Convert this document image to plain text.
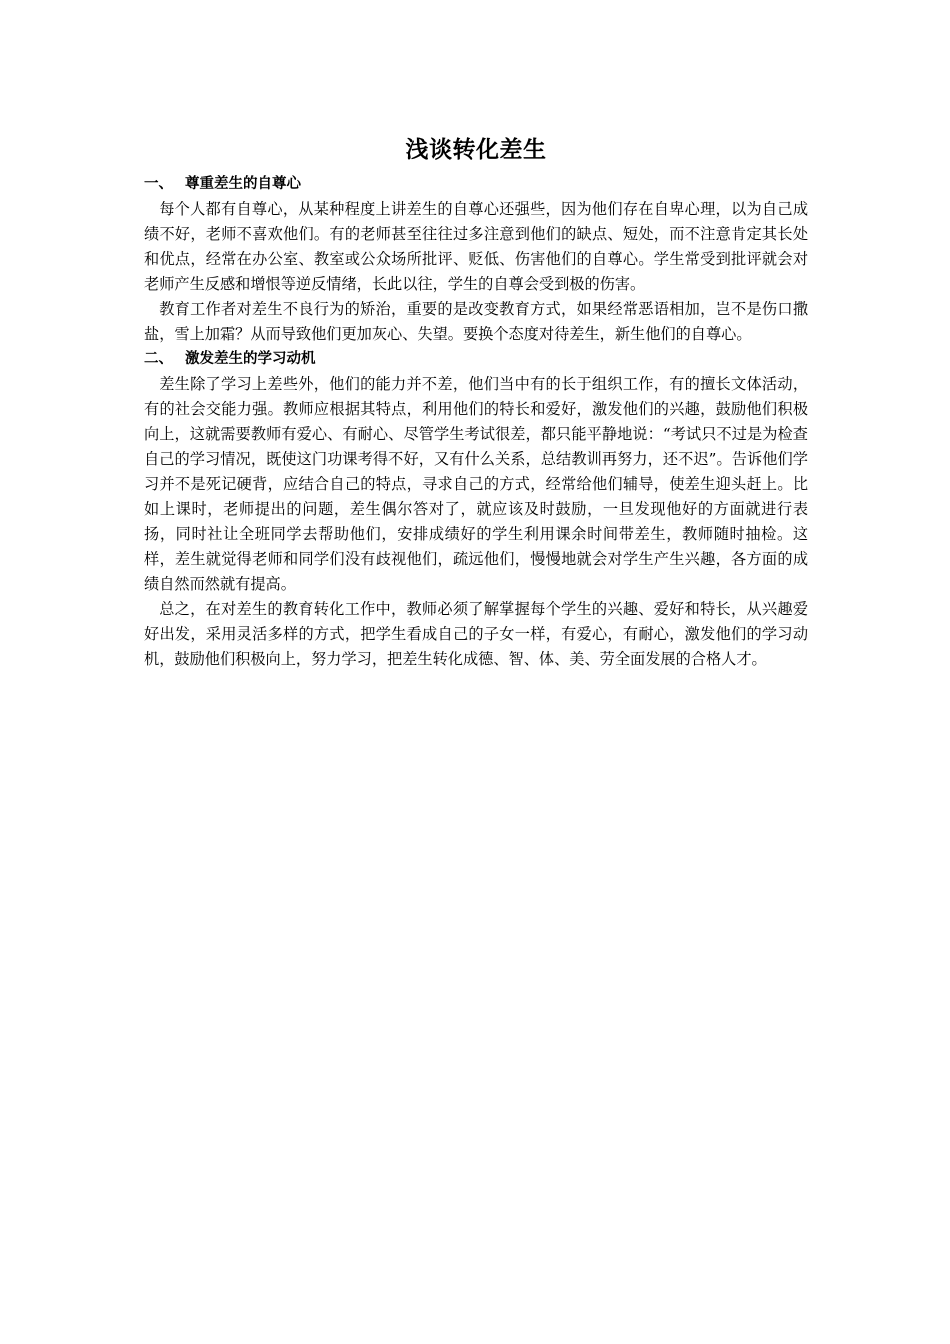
浅谈转化差生
一、 尊重差生的自尊心

每个人都有自尊心，从某种程度上讲差生的自尊心还强些，因为他们存在自卑心理，以为自己成绩不好，老师不喜欢他们。有的老师甚至往往过多注意到他们的缺点、短处，而不注意肯定其长处和优点，经常在办公室、教室或公众场所批评、贬低、伤害他们的自尊心。学生常受到批评就会对老师产生反感和增恨等逆反情绪，长此以往，学生的自尊会受到极的伤害。

教育工作者对差生不良行为的矫治，重要的是改变教育方式，如果经常恶语相加，岂不是伤口撒盐，雪上加霜？从而导致他们更加灰心、失望。要换个态度对待差生，新生他们的自尊心。

二、 激发差生的学习动机

差生除了学习上差些外，他们的能力并不差，他们当中有的长于组织工作，有的擅长文体活动，有的社会交能力强。教师应根据其特点，利用他们的特长和爱好，激发他们的兴趣，鼓励他们积极向上，这就需要教师有爱心、有耐心、尽管学生考试很差，都只能平静地说：“考试只不过是为检查自己的学习情况，既使这门功课考得不好，又有什么关系，总结教训再努力，还不迟”。告诉他们学习并不是死记硬背，应结合自己的特点，寻求自己的方式，经常给他们辅导，使差生迎头赶上。比如上课时，老师提出的问题，差生偶尔答对了，就应该及时鼓励，一旦发现他好的方面就进行表扬，同时社让全班同学去帮助他们，安排成绩好的学生利用课余时间带差生，教师随时抽检。这样，差生就觉得老师和同学们没有歧视他们，疏远他们，慢慢地就会对学生产生兴趣，各方面的成绩自然而然就有提高。

总之，在对差生的教育转化工作中，教师必须了解掌握每个学生的兴趣、爱好和特长，从兴趣爱好出发，采用灵活多样的方式，把学生看成自己的子女一样，有爱心，有耐心，激发他们的学习动机，鼓励他们积极向上，努力学习，把差生转化成德、智、体、美、劳全面发展的合格人才。
